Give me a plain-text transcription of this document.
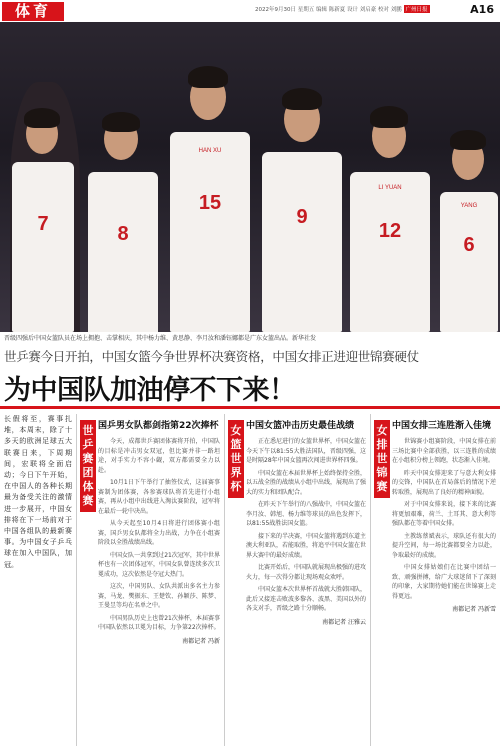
体育	2022年9月30日 星期五 编辑 陈新夏 设计 刘启豪 校对 刘鹏 广州日报	A16
7	8
HAN XU
15
9
LI YUAN
12
YANG
6
晋级四强后中国女篮队员在场上拥抱、击掌相庆，其中杨力维、黄思静、李月汝和潘钰娜都是广东女篮出品。新华社发
世乒赛今日开拍，中国女篮今争世界杯决赛资格，中国女排正进迎世锦赛硬仗
为中国队加油停不下来！
长假将至，赛事扎堆，本周末，除了十多天的欧洲足球五大联赛日来，下周期间，宏联将全面启动；今日下午开始，在中国人的各种长期最为备受关注的激情进一步展开，中国女排将在下一场前对于中国各组队的最新赛事。为中国女子乒乓球在加入中国队，加冠。
世乒赛团体赛
国乒男女队都剑指第22次捧杯

今天，成都世乒赛团体赛将开拍，中国队的目标是冲击男女双冠，但比赛并非一路坦途，对手实力不容小觑，双方都需要全力以赴。

10月1日下午举行了抽签仪式，这届赛事赛制为团体赛，各参赛球队将首先进行小组赛，再从小组中出线进入淘汰赛阶段，冠军将在最后一轮中决出。

从今天起至10月4日将进行团体赛小组赛，国乒男女队都将全力出战，力争在小组赛阶段以全胜战绩出线。

中国女队一共拿到过21次冠军，其中世界杯也有一次团体冠军，中国女队曾连续多次卫冕成功，这次依然是夺冠大热门。

这次，中国男队、女队共派出多名主力参赛，马龙、樊振东、王楚钦、孙颖莎、陈梦、王曼昱等均在名单之中。

中国男队历史上也曾21次捧杯，本届赛事中国队依然以卫冕为目标，力争第22次捧杯。

南都记者 冯新
女篮世界杯
中国女篮冲击历史最佳战绩

正在悉尼进行的女篮世界杯，中国女篮在今天下午以81:55大胜法国队，晋级四强，这是时隔28年中国女篮再次闯进世界杯四强。

中国女篮在本届世界杯上始终保持全胜，以五战全胜的战绩从小组中出线，展现出了强大的实力和团队配合。

在昨天下午举行的八强战中，中国女篮在李月汝、韩旭、杨力维等球员的出色发挥下，以81:55战胜法国女篮。

接下来的半决赛，中国女篮将遇到东道主澳大利亚队，若能取胜，将追平中国女篮在世界大赛中的最好成绩。

比赛开始后，中国队就展现出极强的进攻火力，每一次得分都让现场观众欢呼。

中国女篮本次世界杯首战就大胜韩国队，此后又接连击败波多黎各、波黑、美国以外的各支对手，晋级之路十分顺畅。

南都记者 汪雅云
女排世锦赛
中国女排三连胜渐入佳境

世锦赛小组赛阶段，中国女排在前三场比赛中全部获胜，以三连胜的成绩在小组积分榜上领跑，状态渐入佳境。

昨天中国女排迎来了与意大利女排的交锋，中国队在首局落后的情况下逆转取胜，展现出了良好的精神面貌。

对于中国女排来说，接下来的比赛将更加艰难，荷兰、土耳其、意大利等强队都在等着中国女排。

主教练蔡斌表示，球队还有很大的提升空间，每一场比赛都要全力以赴，争取最好的成绩。

中国女排姑娘们在比赛中团结一致、顽强拼搏，给广大球迷留下了深刻的印象，大家期待她们能在世锦赛上走得更远。

南都记者 冯新雪
